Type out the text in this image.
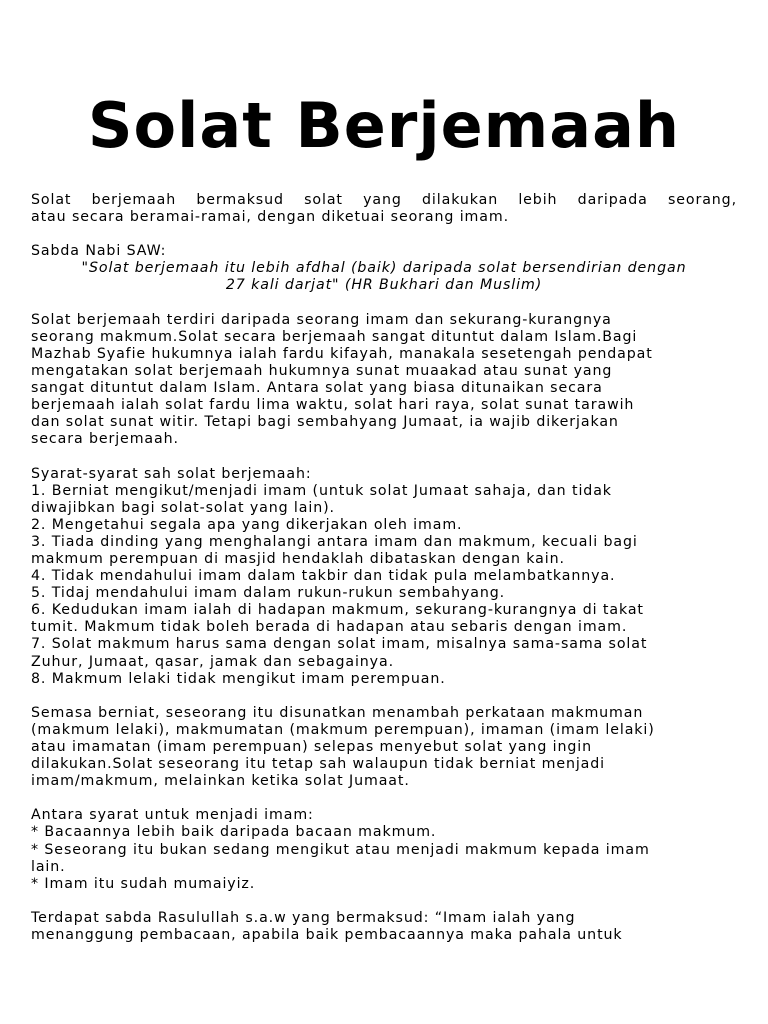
Solat Berjemaah
Solat berjemaah bermaksud solat yang dilakukan lebih daripada seorang,
atau secara beramai-ramai, dengan diketuai seorang imam.
Sabda Nabi SAW:
"Solat berjemaah itu lebih afdhal (baik) daripada solat bersendirian dengan
27 kali darjat" (HR Bukhari dan Muslim)
Solat berjemaah terdiri daripada seorang imam dan sekurang-kurangnya
seorang makmum.Solat secara berjemaah sangat dituntut dalam Islam.Bagi
Mazhab Syafie hukumnya ialah fardu kifayah, manakala sesetengah pendapat
mengatakan solat berjemaah hukumnya sunat muaakad atau sunat yang
sangat dituntut dalam Islam. Antara solat yang biasa ditunaikan secara
berjemaah ialah solat fardu lima waktu, solat hari raya, solat sunat tarawih
dan solat sunat witir. Tetapi bagi sembahyang Jumaat, ia wajib dikerjakan
secara berjemaah.
Syarat-syarat sah solat berjemaah:
1. Berniat mengikut/menjadi imam (untuk solat Jumaat sahaja, dan tidak
diwajibkan bagi solat-solat yang lain).
2. Mengetahui segala apa yang dikerjakan oleh imam.
3. Tiada dinding yang menghalangi antara imam dan makmum, kecuali bagi
makmum perempuan di masjid hendaklah dibataskan dengan kain.
4. Tidak mendahului imam dalam takbir dan tidak pula melambatkannya.
5. Tidaj mendahului imam dalam rukun-rukun sembahyang.
6. Kedudukan imam ialah di hadapan makmum, sekurang-kurangnya di takat
tumit. Makmum tidak boleh berada di hadapan atau sebaris dengan imam.
7. Solat makmum harus sama dengan solat imam, misalnya sama-sama solat
Zuhur, Jumaat, qasar, jamak dan sebagainya.
8. Makmum lelaki tidak mengikut imam perempuan.
Semasa berniat, seseorang itu disunatkan menambah perkataan makmuman
(makmum lelaki), makmumatan (makmum perempuan), imaman (imam lelaki)
atau imamatan (imam perempuan) selepas menyebut solat yang ingin
dilakukan.Solat seseorang itu tetap sah walaupun tidak berniat menjadi
imam/makmum, melainkan ketika solat Jumaat.
Antara syarat untuk menjadi imam:
* Bacaannya lebih baik daripada bacaan makmum.
* Seseorang itu bukan sedang mengikut atau menjadi makmum kepada imam
lain.
* Imam itu sudah mumaiyiz.
Terdapat sabda Rasulullah s.a.w yang bermaksud: “Imam ialah yang
menanggung pembacaan, apabila baik pembacaannya maka pahala untuk
